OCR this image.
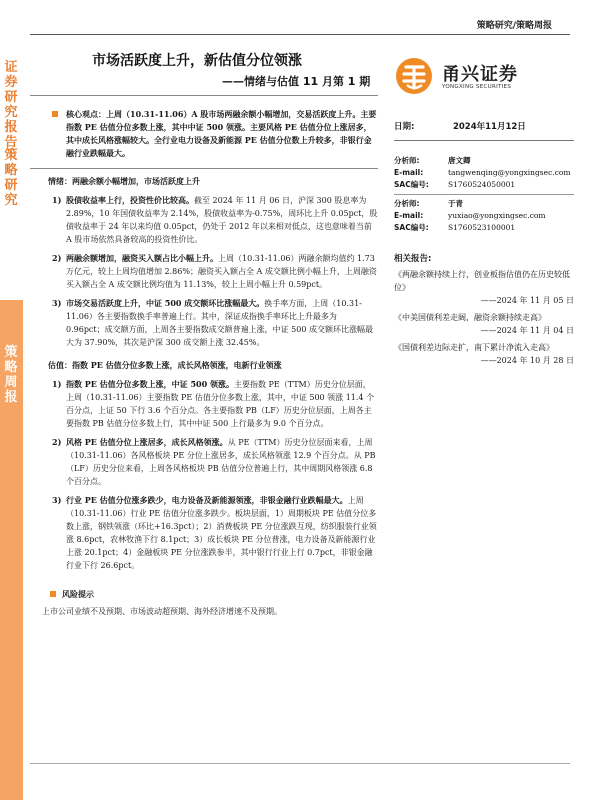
证券研究报告
策略研究
策略周报
策略研究/策略周报
市场活跃度上升，新估值分位领涨
——情绪与估值 11 月第 1 期	甬兴证券
YONGXING SECURITIES
日期:	2024年11月12日
分析师:	唐文卿
E-mail:	tangwenqing@yongxingsec.com
SAC编号:	S1760524050001
分析师:	于青
E-mail:	yuxiao@yongxingsec.com
SAC编号:	S1760523100001
相关报告:
《两融余额持续上行，创业板指估值仍在历史较低位》
——2024 年 11 月 05 日
《中美国债利差走阔，融资余额持续走高》
——2024 年 11 月 04 日
《国债利差边际走扩，南下累计净流入走高》
——2024 年 10 月 28 日
核心观点：上周（10.31-11.06）A 股市场两融余额小幅增加，交易活跃度上升。主要指数 PE 估值分位多数上涨，其中中证 500 领涨。主要风格 PE 估值分位上涨居多，其中成长风格涨幅较大。全行业电力设备及新能源 PE 估值分位数上升较多，非银行金融行业跌幅最大。
情绪：两融余额小幅增加，市场活跃度上升
1) 股债收益率上行，投资性价比较高。截至 2024 年 11 月 06 日，沪深 300 股息率为 2.89%，10 年国债收益率为 2.14%，股债收益率为-0.75%，周环比上升 0.05pct，股债收益率于 24 年以来均值 0.05pct，仍处于 2012 年以来相对低点，这也意味着当前 A 股市场依然具备较高的投资性价比。
2) 两融余额增加，融资买入额占比小幅上升。上周（10.31-11.06）两融余额均值约 1.73 万亿元，较上上周均值增加 2.86%；融资买入额占全 A 成交额比例小幅上升，上周融资买入额占全 A 成交额比例均值为 11.13%，较上上周小幅上升 0.59pct。
3) 市场交易活跃度上升，中证 500 成交额环比涨幅最大。换手率方面，上周（10.31-11.06）各主要指数换手率普遍上行。其中，深证成指换手率环比上升最多为 0.96pct；成交额方面，上周各主要指数成交额普遍上涨，中证 500 成交额环比涨幅最大为 37.90%，其次是沪深 300 成交额上涨 32.45%。
估值：指数 PE 估值分位多数上涨，成长风格领涨，电新行业领涨
1) 指数 PE 估值分位多数上涨，中证 500 领涨。主要指数 PE（TTM）历史分位层面，上周（10.31-11.06）主要指数 PE 估值分位多数上涨，其中，中证 500 领涨 11.4 个百分点，上证 50 下行 3.6 个百分点。各主要指数 PB（LF）历史分位层面，上周各主要指数 PB 估值分位多数上行，其中中证 500 上行最多为 9.0 个百分点。
2) 风格 PE 估值分位上涨居多，成长风格领涨。从 PE（TTM）历史分位层面来看，上周（10.31-11.06）各风格板块 PE 分位上涨居多，成长风格领涨 12.9 个百分点。从 PB（LF）历史分位来看，上周各风格板块 PB 估值分位普遍上行，其中周期风格领涨 6.8 个百分点。
3) 行业 PE 估值分位涨多跌少，电力设备及新能源领涨，非银金融行业跌幅最大。上周（10.31-11.06）行业 PE 估值分位涨多跌少。板块层面，1）周期板块 PE 估值分位多数上涨，钢铁领涨（环比+16.3pct）；2）消费板块 PE 分位涨跌互现，纺织服装行业领涨 8.6pct，农林牧渔下行 8.1pct；3）成长板块 PE 分位普涨，电力设备及新能源行业上涨 20.1pct；4）金融板块 PE 分位涨跌参半，其中银行行业上行 0.7pct，非银金融行业下行 26.6pct。
风险提示
上市公司业绩不及预期、市场波动超预期、海外经济增速不及预期。
